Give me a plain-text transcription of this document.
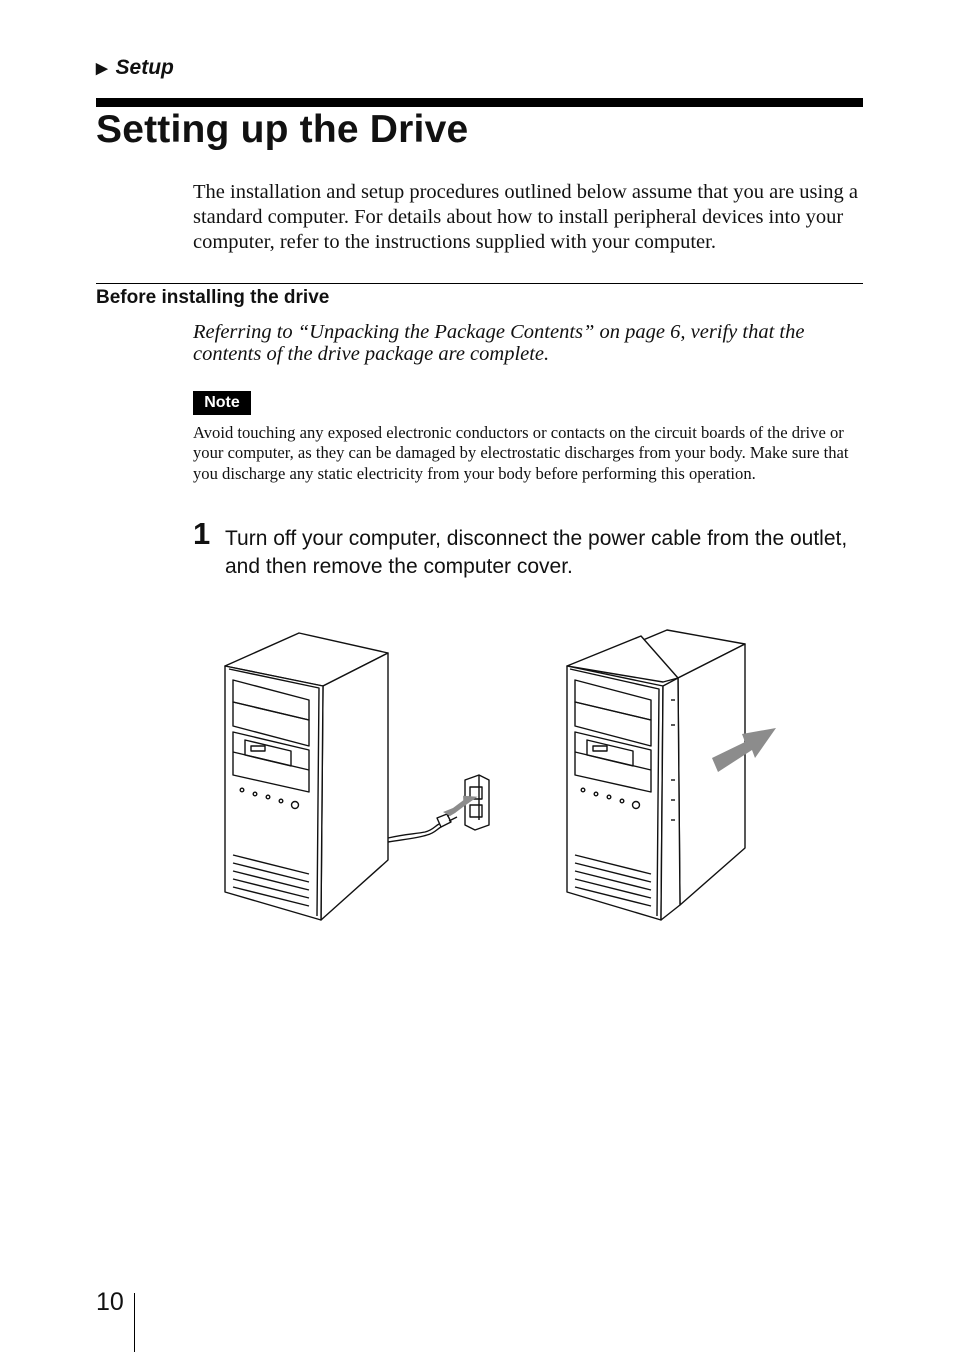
▶ Setup
Setting up the Drive

The installation and setup procedures outlined below assume that you are using a standard computer. For details about how to install peripheral devices into your computer, refer to the instructions supplied with your computer.

Before installing the drive

Referring to “Unpacking the Package Contents” on page 6, verify that the contents of the drive package are complete.

Note

Avoid touching any exposed electronic conductors or contacts on the circuit boards of the drive or your computer, as they can be damaged by electrostatic discharges from your body. Make sure that you discharge any static electricity from your body before performing this operation.

1 Turn off your computer, disconnect the power cable from the outlet, and then remove the computer cover.

10
